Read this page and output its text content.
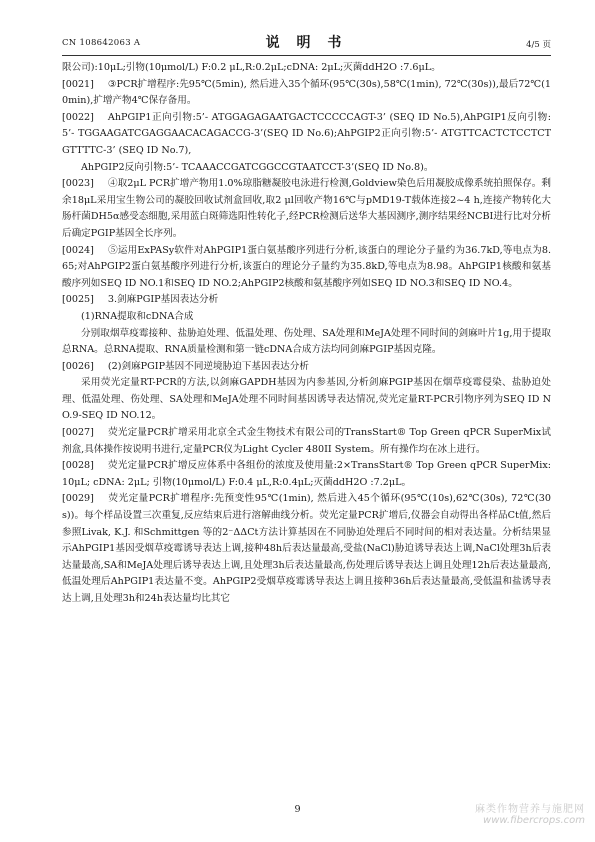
CN 108642063 A	说 明 书	4/5 页
限公司):10μL;引物(10μmol/L) F:0.2 μL,R:0.2μL;cDNA: 2μL;灭菌ddH2O :7.6μL。
[0021] ③PCR扩增程序:先95℃(5min), 然后进入35个循环(95℃(30s),58℃(1min), 72℃(30s)),最后72℃(10min),扩增产物4℃保存备用。
[0022] AhPGIP1正向引物:5’- ATGGAGAGAATGACTCCCCCAGT-3’ (SEQ ID No.5),AhPGIP1反向引物:5’- TGGAAGATCGAGGAACACAGACCG-3’(SEQ ID No.6);AhPGIP2正向引物:5’- ATGTTCACTCTCCTCTGTTTTC-3’ (SEQ ID No.7),
AhPGIP2反向引物:5’- TCAAACCGATCGGCCGTAATCCT-3’(SEQ ID No.8)。
[0023] ④取2μL PCR扩增产物用1.0%琼脂糖凝胶电泳进行检测,Goldview染色后用凝胶成像系统拍照保存。剩余18μL采用宝生物公司的凝胶回收试剂盒回收,取2 μl回收产物16℃与pMD19-T载体连接2~4 h,连接产物转化大肠杆菌DH5α感受态细胞,采用蓝白斑筛选阳性转化子,经PCR检测后送华大基因测序,测序结果经NCBI进行比对分析后确定PGIP基因全长序列。
[0024] ⑤运用ExPASy软件对AhPGIP1蛋白氨基酸序列进行分析,该蛋白的理论分子量约为36.7kD,等电点为8.65;对AhPGIP2蛋白氨基酸序列进行分析,该蛋白的理论分子量约为35.8kD,等电点为8.98。AhPGIP1核酸和氨基酸序列如SEQ ID NO.1和SEQ ID NO.2;AhPGIP2核酸和氨基酸序列如SEQ ID NO.3和SEQ ID NO.4。
[0025] 3.剑麻PGIP基因表达分析
(1)RNA提取和cDNA合成
分别取烟草疫霉接种、盐胁迫处理、低温处理、伤处理、SA处理和MeJA处理不同时间的剑麻叶片1g,用于提取总RNA。总RNA提取、RNA质量检测和第一链cDNA合成方法均同剑麻PGIP基因克隆。
[0026] (2)剑麻PGIP基因不同逆境胁迫下基因表达分析
采用荧光定量RT-PCR的方法,以剑麻GAPDH基因为内参基因,分析剑麻PGIP基因在烟草疫霉侵染、盐胁迫处理、低温处理、伤处理、SA处理和MeJA处理不同时间基因诱导表达情况,荧光定量RT-PCR引物序列为SEQ ID NO.9-SEQ ID NO.12。
[0027] 荧光定量PCR扩增采用北京全式金生物技术有限公司的TransStart® Top Green qPCR SuperMix试剂盒,具体操作按说明书进行,定量PCR仪为Light Cycler 480II System。所有操作均在冰上进行。
[0028] 荧光定量PCR扩增反应体系中各组份的浓度及使用量:2×TransStart® Top Green qPCR SuperMix:10μL; cDNA: 2μL; 引物(10μmol/L) F:0.4 μL,R:0.4μL;灭菌ddH2O :7.2μL。
[0029] 荧光定量PCR扩增程序:先预变性95℃(1min), 然后进入45个循环(95℃(10s),62℃(30s), 72℃(30s))。每个样品设置三次重复,反应结束后进行溶解曲线分析。荧光定量PCR扩增后,仪器会自动得出各样品Ct值,然后参照Livak, K.J. 和Schmittgen 等的2⁻ΔΔCt方法计算基因在不同胁迫处理后不同时间的相对表达量。分析结果显示AhPGIP1基因受烟草疫霉诱导表达上调,接种48h后表达量最高,受盐(NaCl)胁迫诱导表达上调,NaCl处理3h后表达量最高,SA和MeJA处理后诱导表达上调,且处理3h后表达量最高,伤处理后诱导表达上调且处理12h后表达量最高,低温处理后AhPGIP1表达量不变。AhPGIP2受烟草疫霉诱导表达上调且接种36h后表达量最高,受低温和盐诱导表达上调,且处理3h和24h表达量均比其它
9	麻类作物营养与施肥网
www.fibercrops.com
